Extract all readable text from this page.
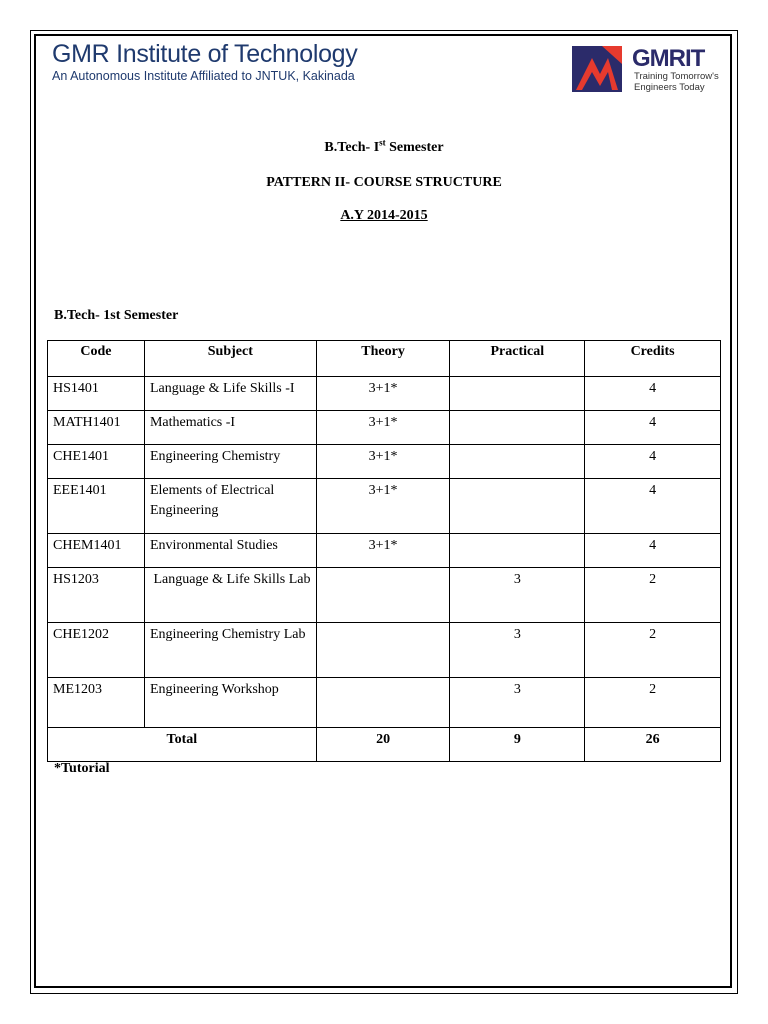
GMR Institute of Technology
An Autonomous Institute Affiliated to JNTUK, Kakinada
GMRIT
Training Tomorrow's
Engineers Today
B.Tech- Ist Semester
PATTERN II- COURSE STRUCTURE
A.Y 2014-2015
B.Tech- 1st Semester
Code	Subject	Theory	Practical	Credits
HS1401	Language & Life Skills -I	3+1*		4
MATH1401	Mathematics -I	3+1*		4
CHE1401	Engineering Chemistry	3+1*		4
EEE1401	Elements of Electrical Engineering	3+1*		4
CHEM1401	Environmental Studies	3+1*		4
HS1203	Language & Life Skills Lab		3	2
CHE1202	Engineering Chemistry Lab		3	2
ME1203	Engineering Workshop		3	2
Total		20	9	26
*Tutorial
